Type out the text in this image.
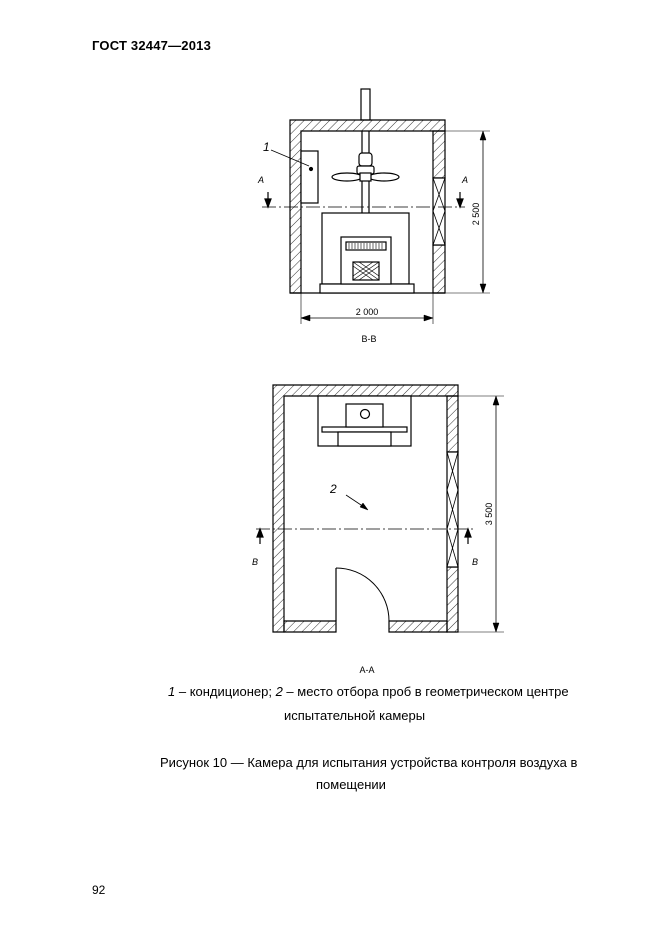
ГОСТ 32447—2013
1
A	A
2 500
2 000
B-B
2
B	B
3 500
A-A
1 – кондиционер; 2 – место отбора проб в геометрическом центре
испытательной камеры
Рисунок 10 — Камера для испытания устройства контроля воздуха в
помещении
92
